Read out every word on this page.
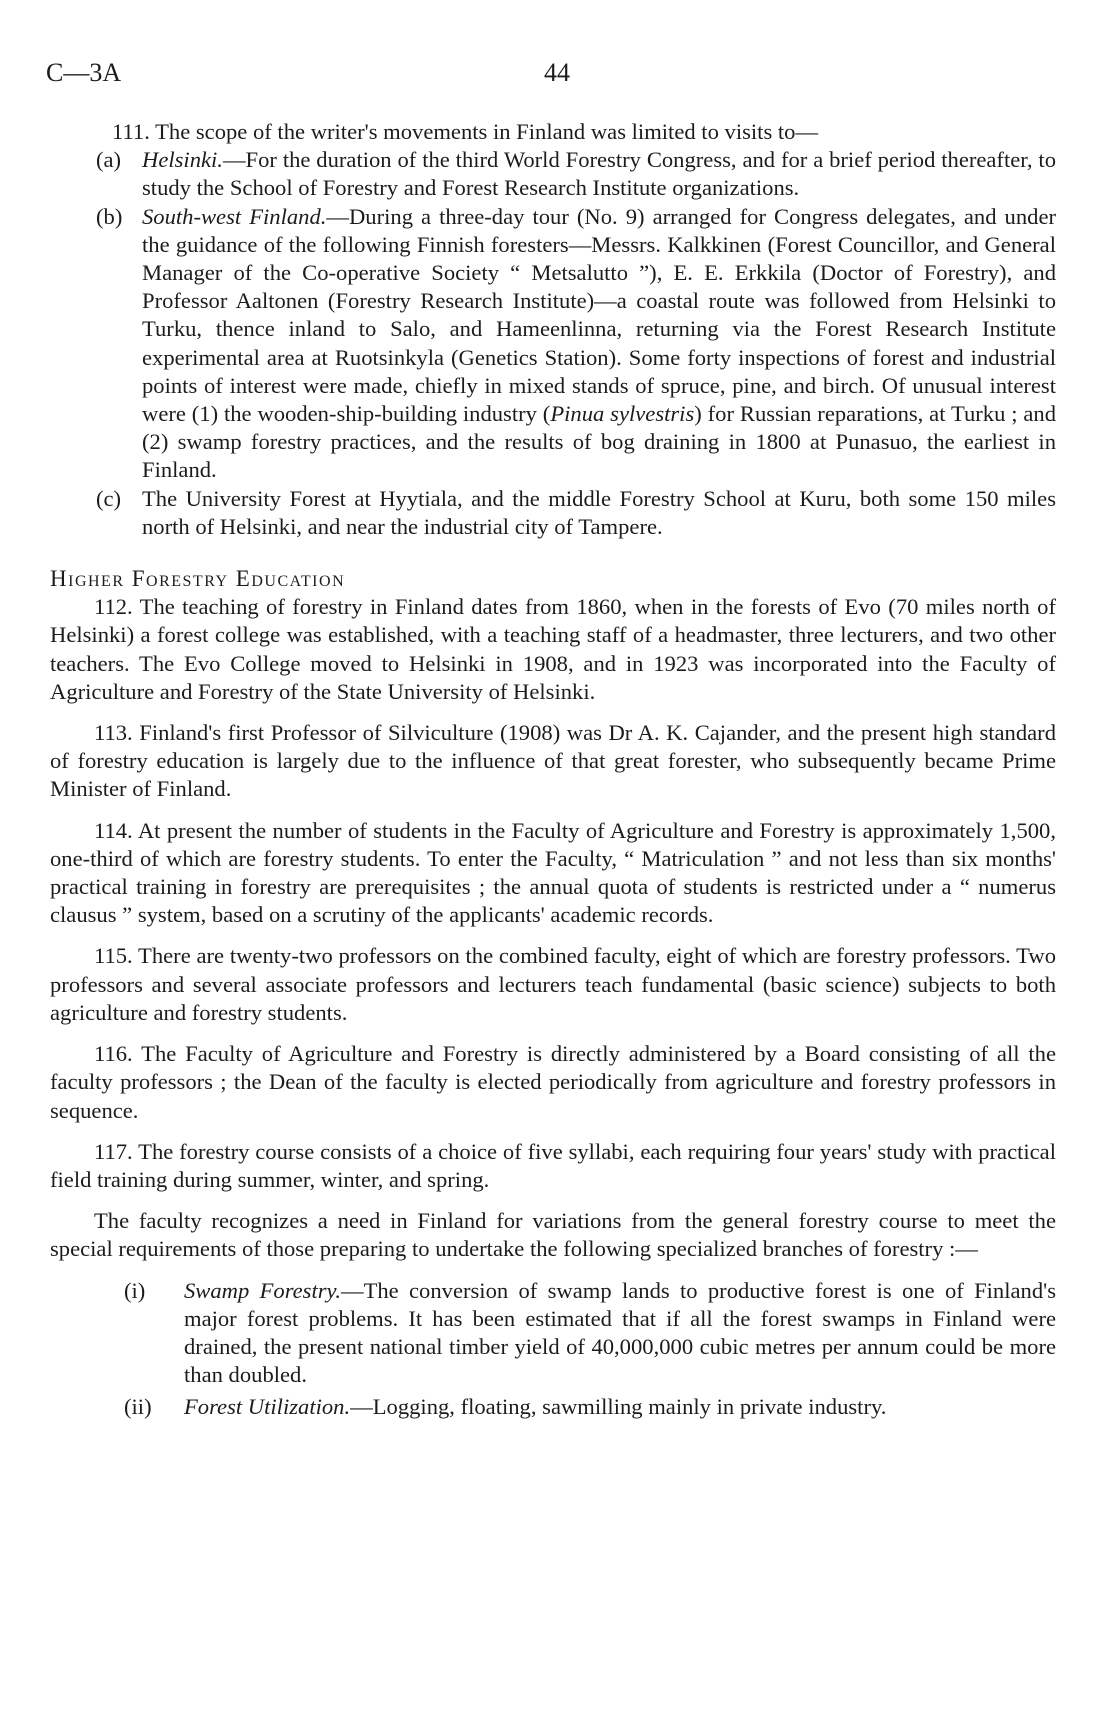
C—3A	44

111. The scope of the writer's movements in Finland was limited to visits to—

(a) Helsinki.—For the duration of the third World Forestry Congress, and for a brief period thereafter, to study the School of Forestry and Forest Research Institute organizations.
(b) South-west Finland.—During a three-day tour (No. 9) arranged for Congress delegates, and under the guidance of the following Finnish foresters—Messrs. Kalkkinen (Forest Councillor, and General Manager of the Co-operative Society “ Metsalutto ”), E. E. Erkkila (Doctor of Forestry), and Professor Aaltonen (Forestry Research Institute)—a coastal route was followed from Helsinki to Turku, thence inland to Salo, and Hameenlinna, returning via the Forest Research Institute experimental area at Ruotsinkyla (Genetics Station). Some forty inspections of forest and industrial points of interest were made, chiefly in mixed stands of spruce, pine, and birch. Of unusual interest were (1) the wooden-ship-building industry (Pinua sylvestris) for Russian reparations, at Turku ; and (2) swamp forestry practices, and the results of bog draining in 1800 at Punasuo, the earliest in Finland.
(c) The University Forest at Hyytiala, and the middle Forestry School at Kuru, both some 150 miles north of Helsinki, and near the industrial city of Tampere.

Higher Forestry Education

112. The teaching of forestry in Finland dates from 1860, when in the forests of Evo (70 miles north of Helsinki) a forest college was established, with a teaching staff of a headmaster, three lecturers, and two other teachers. The Evo College moved to Helsinki in 1908, and in 1923 was incorporated into the Faculty of Agriculture and Forestry of the State University of Helsinki.

113. Finland's first Professor of Silviculture (1908) was Dr A. K. Cajander, and the present high standard of forestry education is largely due to the influence of that great forester, who subsequently became Prime Minister of Finland.

114. At present the number of students in the Faculty of Agriculture and Forestry is approximately 1,500, one-third of which are forestry students. To enter the Faculty, “ Matriculation ” and not less than six months' practical training in forestry are prerequisites ; the annual quota of students is restricted under a “ numerus clausus ” system, based on a scrutiny of the applicants' academic records.

115. There are twenty-two professors on the combined faculty, eight of which are forestry professors. Two professors and several associate professors and lecturers teach fundamental (basic science) subjects to both agriculture and forestry students.

116. The Faculty of Agriculture and Forestry is directly administered by a Board consisting of all the faculty professors ; the Dean of the faculty is elected periodically from agriculture and forestry professors in sequence.

117. The forestry course consists of a choice of five syllabi, each requiring four years' study with practical field training during summer, winter, and spring.

The faculty recognizes a need in Finland for variations from the general forestry course to meet the special requirements of those preparing to undertake the following specialized branches of forestry :—

(i)	Swamp Forestry.—The conversion of swamp lands to productive forest is one of Finland's major forest problems. It has been estimated that if all the forest swamps in Finland were drained, the present national timber yield of 40,000,000 cubic metres per annum could be more than doubled.
(ii)	Forest Utilization.—Logging, floating, sawmilling mainly in private industry.
